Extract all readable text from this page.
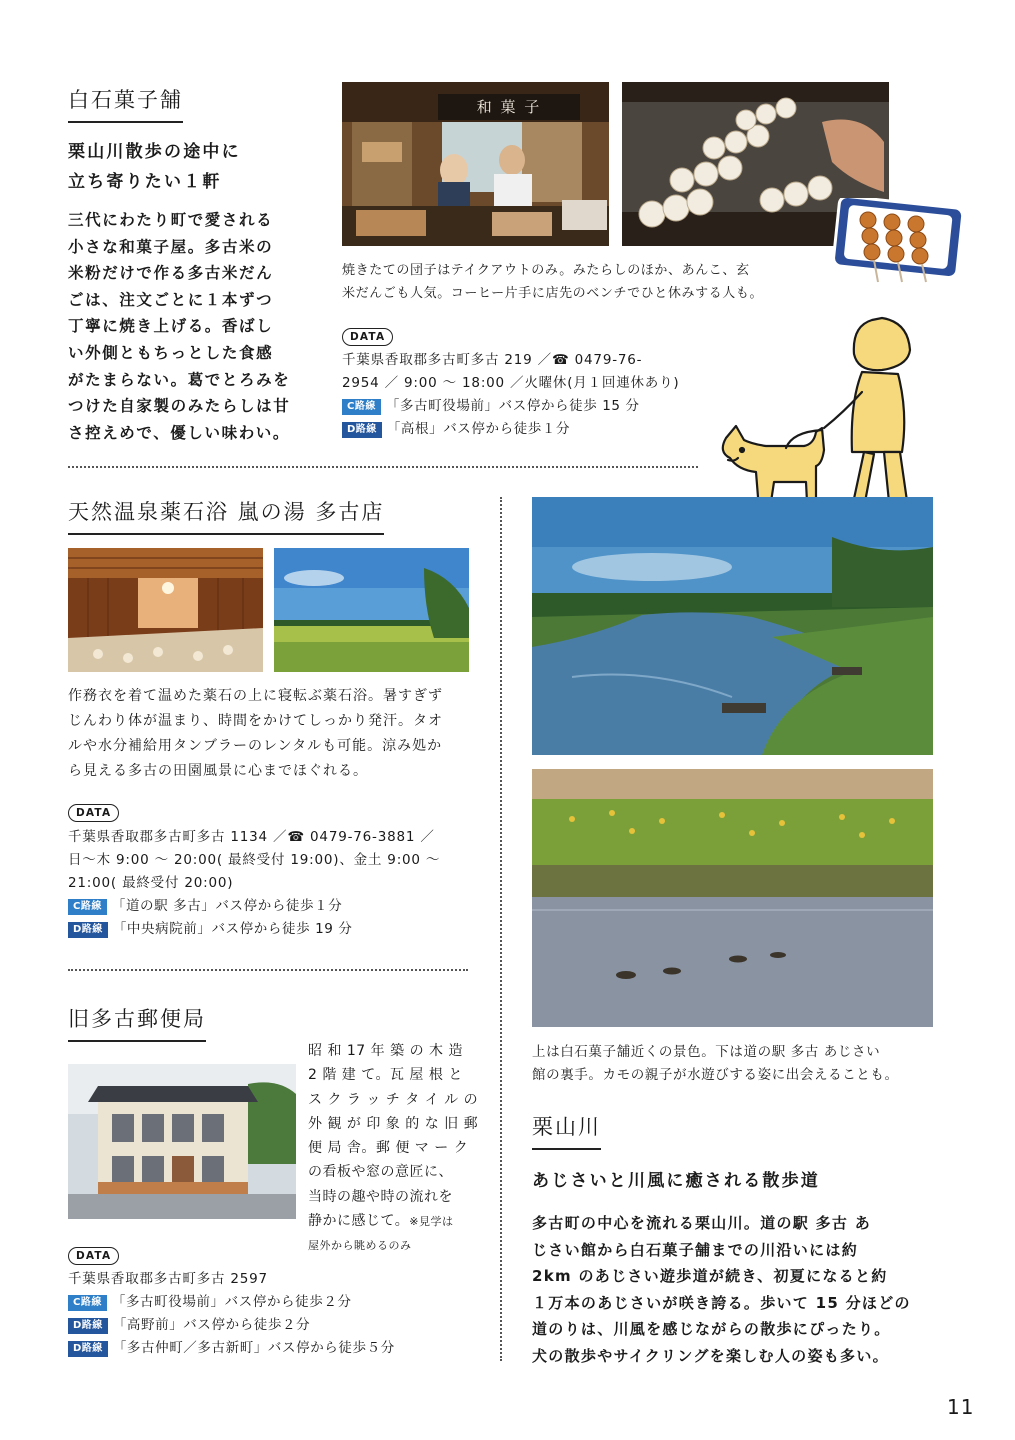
白石菓子舗
栗山川散歩の途中に
立ち寄りたい１軒
三代にわたり町で愛される
小さな和菓子屋。多古米の
米粉だけで作る多古米だん
ごは、注文ごとに１本ずつ
丁寧に焼き上げる。香ばし
い外側ともちっとした食感
がたまらない。葛でとろみを
つけた自家製のみたらしは甘
さ控えめで、優しい味わい。
和 菓 子
焼きたての団子はテイクアウトのみ。みたらしのほか、あんこ、玄
米だんごも人気。コーヒー片手に店先のベンチでひと休みする人も。
DATA
千葉県香取郡多古町多古 219 ／☎ 0479-76-
2954 ／ 9:00 〜 18:00 ／火曜休(月１回連休あり)
C路線 「多古町役場前」バス停から徒歩 15 分
D路線 「高根」バス停から徒歩１分
天然温泉薬石浴 嵐の湯 多古店
作務衣を着て温めた薬石の上に寝転ぶ薬石浴。暑すぎず
じんわり体が温まり、時間をかけてしっかり発汗。タオ
ルや水分補給用タンブラーのレンタルも可能。涼み処か
ら見える多古の田園風景に心までほぐれる。
DATA
千葉県香取郡多古町多古 1134 ／☎ 0479-76-3881 ／
日〜木 9:00 〜 20:00( 最終受付 19:00)、金土 9:00 〜
21:00( 最終受付 20:00)
C路線 「道の駅 多古」バス停から徒歩１分
D路線 「中央病院前」バス停から徒歩 19 分
旧多古郵便局
昭 和 17 年 築 の 木 造
2 階 建 て。瓦 屋 根 と
ス ク ラ ッ チ タ イ ル の
外 観 が 印 象 的 な 旧 郵
便 局 舎。郵 便 マ ー ク
の看板や窓の意匠に、
当時の趣や時の流れを
静かに感じて。※見学は
屋外から眺めるのみ
DATA
千葉県香取郡多古町多古 2597
C路線 「多古町役場前」バス停から徒歩２分
D路線 「高野前」バス停から徒歩２分
D路線 「多古仲町／多古新町」バス停から徒歩５分
上は白石菓子舗近くの景色。下は道の駅 多古 あじさい
館の裏手。カモの親子が水遊びする姿に出会えることも。
栗山川
あじさいと川風に癒される散歩道
多古町の中心を流れる栗山川。道の駅 多古 あ
じさい館から白石菓子舗までの川沿いには約
2km のあじさい遊歩道が続き、初夏になると約
１万本のあじさいが咲き誇る。歩いて 15 分ほどの
道のりは、川風を感じながらの散歩にぴったり。
犬の散歩やサイクリングを楽しむ人の姿も多い。
11
